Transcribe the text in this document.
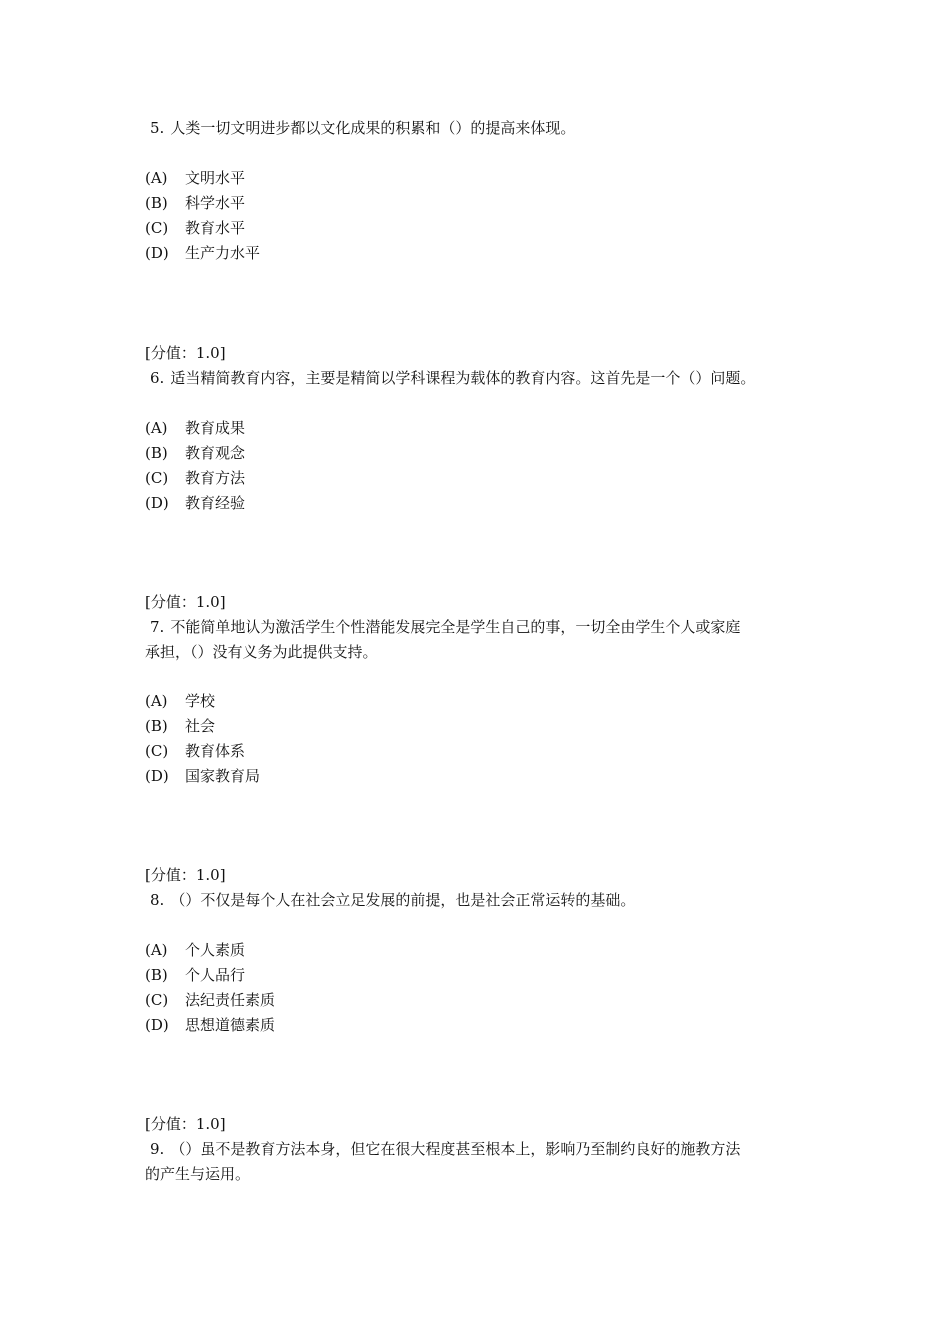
5. 人类一切文明进步都以文化成果的积累和（）的提高来体现。
(A) 文明水平
(B) 科学水平
(C) 教育水平
(D) 生产力水平
[分值：1.0]
6. 适当精简教育内容，主要是精简以学科课程为载体的教育内容。这首先是一个（）问题。
(A) 教育成果
(B) 教育观念
(C) 教育方法
(D) 教育经验
[分值：1.0]
7. 不能简单地认为激活学生个性潜能发展完全是学生自己的事，一切全由学生个人或家庭
承担，（）没有义务为此提供支持。
(A) 学校
(B) 社会
(C) 教育体系
(D) 国家教育局
[分值：1.0]
8. （）不仅是每个人在社会立足发展的前提，也是社会正常运转的基础。
(A) 个人素质
(B) 个人品行
(C) 法纪责任素质
(D) 思想道德素质
[分值：1.0]
9. （）虽不是教育方法本身，但它在很大程度甚至根本上，影响乃至制约良好的施教方法
的产生与运用。
